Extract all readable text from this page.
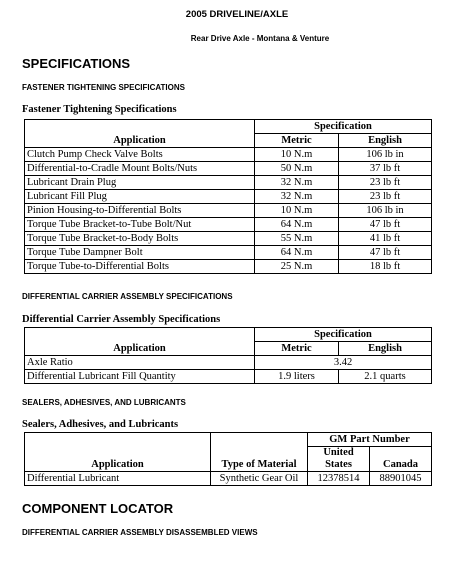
2005 DRIVELINE/AXLE
Rear Drive Axle - Montana & Venture
SPECIFICATIONS
FASTENER TIGHTENING SPECIFICATIONS
Fastener Tightening Specifications
Application	Specification	
	Metric	English
Clutch Pump Check Valve Bolts	10 N.m	106 lb in
Differential-to-Cradle Mount Bolts/Nuts	50 N.m	37 lb ft
Lubricant Drain Plug	32 N.m	23 lb ft
Lubricant Fill Plug	32 N.m	23 lb ft
Pinion Housing-to-Differential Bolts	10 N.m	106 lb in
Torque Tube Bracket-to-Tube Bolt/Nut	64 N.m	47 lb ft
Torque Tube Bracket-to-Body Bolts	55 N.m	41 lb ft
Torque Tube Dampner Bolt	64 N.m	47 lb ft
Torque Tube-to-Differential Bolts	25 N.m	18 lb ft
DIFFERENTIAL CARRIER ASSEMBLY SPECIFICATIONS
Differential Carrier Assembly Specifications
Application	Specification	
	Metric	English
Axle Ratio	3.42	
Differential Lubricant Fill Quantity	1.9 liters	2.1 quarts
SEALERS, ADHESIVES, AND LUBRICANTS
Sealers, Adhesives, and Lubricants
Application	Type of Material	GM Part Number	
		United States	Canada
Differential Lubricant	Synthetic Gear Oil	12378514	88901045
COMPONENT LOCATOR
DIFFERENTIAL CARRIER ASSEMBLY DISASSEMBLED VIEWS
